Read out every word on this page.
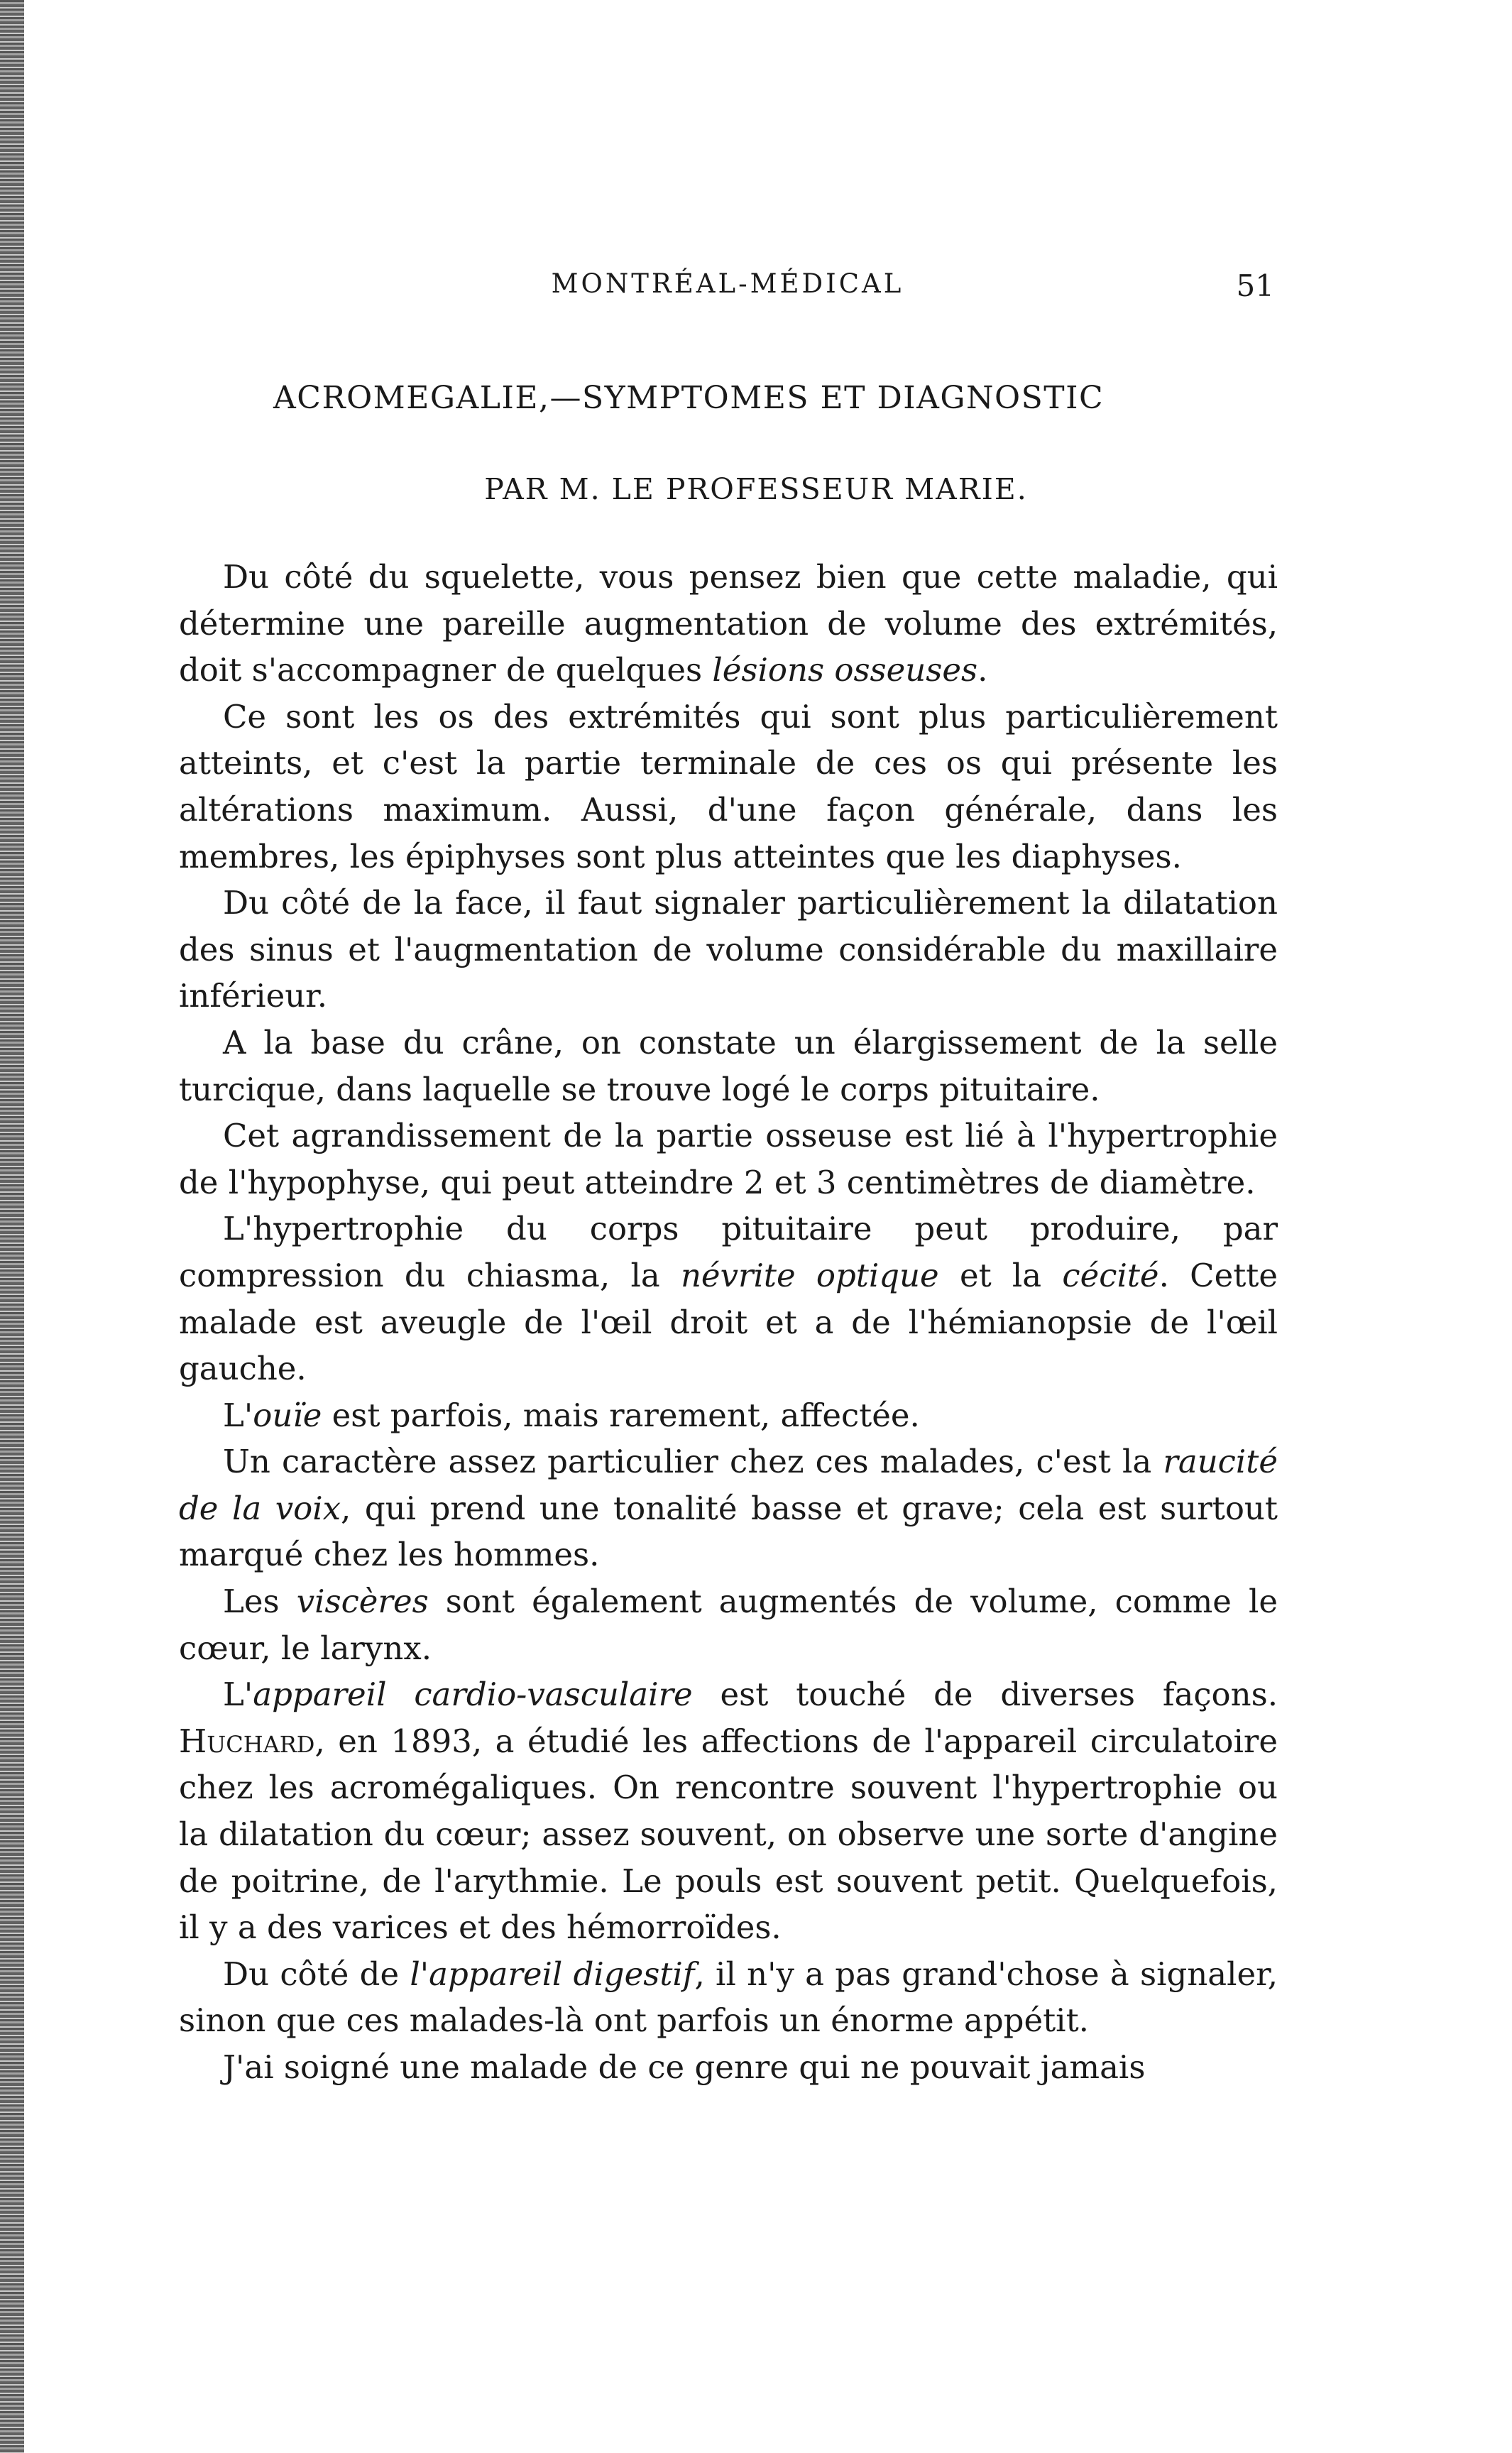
MONTRÉAL-MÉDICAL	51
ACROMEGALIE,—SYMPTOMES ET DIAGNOSTIC
PAR M. LE PROFESSEUR MARIE.

Du côté du squelette, vous pensez bien que cette maladie, qui détermine une pareille augmentation de volume des extrémités, doit s'accompagner de quelques lésions osseuses.

Ce sont les os des extrémités qui sont plus particulièrement atteints, et c'est la partie terminale de ces os qui présente les altérations maximum. Aussi, d'une façon générale, dans les membres, les épiphyses sont plus atteintes que les diaphyses.

Du côté de la face, il faut signaler particulièrement la dilatation des sinus et l'augmentation de volume considérable du maxillaire inférieur.

A la base du crâne, on constate un élargissement de la selle turcique, dans laquelle se trouve logé le corps pituitaire.

Cet agrandissement de la partie osseuse est lié à l'hypertrophie de l'hypophyse, qui peut atteindre 2 et 3 centimètres de diamètre.

L'hypertrophie du corps pituitaire peut produire, par compression du chiasma, la névrite optique et la cécité. Cette malade est aveugle de l'œil droit et a de l'hémianopsie de l'œil gauche.

L'ouïe est parfois, mais rarement, affectée.

Un caractère assez particulier chez ces malades, c'est la raucité de la voix, qui prend une tonalité basse et grave; cela est surtout marqué chez les hommes.

Les viscères sont également augmentés de volume, comme le cœur, le larynx.

L'appareil cardio-vasculaire est touché de diverses façons. Huchard, en 1893, a étudié les affections de l'appareil circulatoire chez les acromégaliques. On rencontre souvent l'hypertrophie ou la dilatation du cœur; assez souvent, on observe une sorte d'angine de poitrine, de l'arythmie. Le pouls est souvent petit. Quelquefois, il y a des varices et des hémorroïdes.

Du côté de l'appareil digestif, il n'y a pas grand'chose à signaler, sinon que ces malades-là ont parfois un énorme appétit.

J'ai soigné une malade de ce genre qui ne pouvait jamais
